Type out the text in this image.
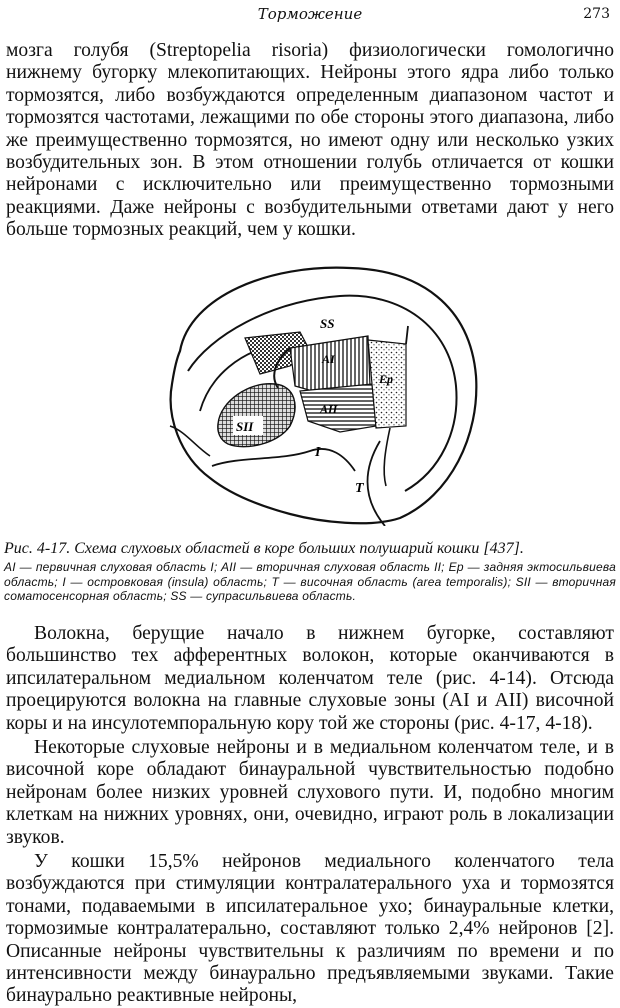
Торможение	273

мозга голубя (Streptopelia risoria) физиологически гомологично нижнему бугорку млекопитающих. Нейроны этого ядра либо только тормозятся, либо возбуждаются определенным диапазоном частот и тормозятся частотами, лежащими по обе стороны этого диапазона, либо же преимущественно тормозятся, но имеют одну или несколько узких возбудительных зон. В этом отношении голубь отличается от кошки нейронами с исключительно или преимущественно тормозными реакциями. Даже нейроны с возбудительными ответами дают у него больше тормозных реакций, чем у кошки.

SS
AI
AII
Ep
SII
I
T

Рис. 4-17. Схема слуховых областей в коре больших полушарий кошки [437].

AI — первичная слуховая область I; AII — вторичная слуховая область II; Ep — задняя эктосильвиева область; I — островковая (insula) область; T — височная область (area temporalis); SII — вторичная соматосенсорная область; SS — супрасильвиева область.

Волокна, берущие начало в нижнем бугорке, составляют большинство тех афферентных волокон, которые оканчиваются в ипсилатеральном медиальном коленчатом теле (рис. 4-14). Отсюда проецируются волокна на главные слуховые зоны (AI и AII) височной коры и на инсулотемпоральную кору той же стороны (рис. 4-17, 4-18).

Некоторые слуховые нейроны и в медиальном коленчатом теле, и в височной коре обладают бинауральной чувствительностью подобно нейронам более низких уровней слухового пути. И, подобно многим клеткам на нижних уровнях, они, очевидно, играют роль в локализации звуков.

У кошки 15,5% нейронов медиального коленчатого тела возбуждаются при стимуляции контралатерального уха и тормозятся тонами, подаваемыми в ипсилатеральное ухо; бинауральные клетки, тормозимые контралатерально, составляют только 2,4% нейронов [2]. Описанные нейроны чувствительны к различиям по времени и по интенсивности между бинаурально предъявляемыми звуками. Такие бинаурально реактивные нейроны,
